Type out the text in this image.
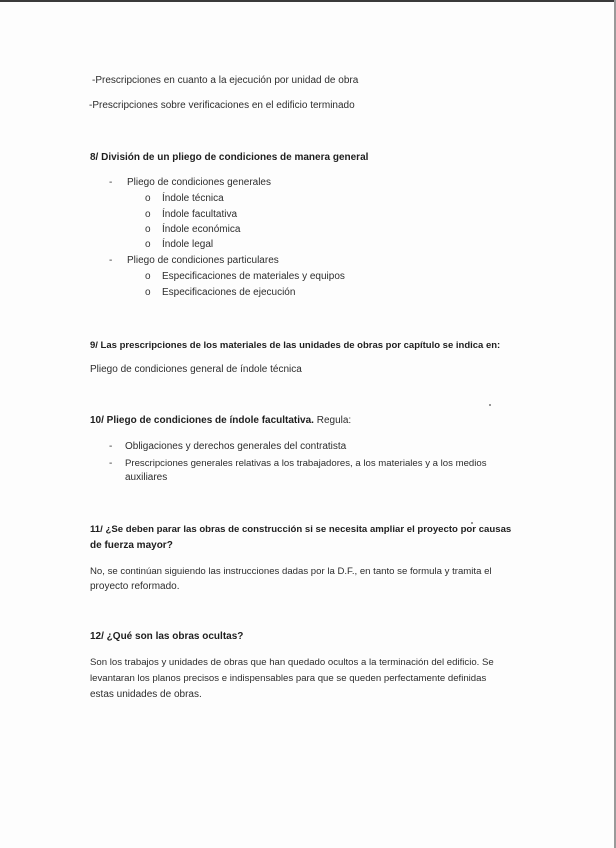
-Prescripciones en cuanto a la ejecución por unidad de obra
-Prescripciones sobre verificaciones en el edificio terminado
8/ División de un pliego de condiciones de manera general
- Pliego de condiciones generales
o Índole técnica
o Índole facultativa
o Índole económica
o Índole legal
- Pliego de condiciones particulares
o Especificaciones de materiales y equipos
o Especificaciones de ejecución
9/ Las prescripciones de los materiales de las unidades de obras por capítulo se indica en:
Pliego de condiciones general de índole técnica
10/ Pliego de condiciones de índole facultativa. Regula:
- Obligaciones y derechos generales del contratista
- Prescripciones generales relativas a los trabajadores, a los materiales y a los medios
auxiliares
11/ ¿Se deben parar las obras de construcción si se necesita ampliar el proyecto por causas
de fuerza mayor?
No, se continúan siguiendo las instrucciones dadas por la D.F., en tanto se formula y tramita el
proyecto reformado.
12/ ¿Qué son las obras ocultas?
Son los trabajos y unidades de obras que han quedado ocultos a la terminación del edificio. Se
levantaran los planos precisos e indispensables para que se queden perfectamente definidas
estas unidades de obras.
